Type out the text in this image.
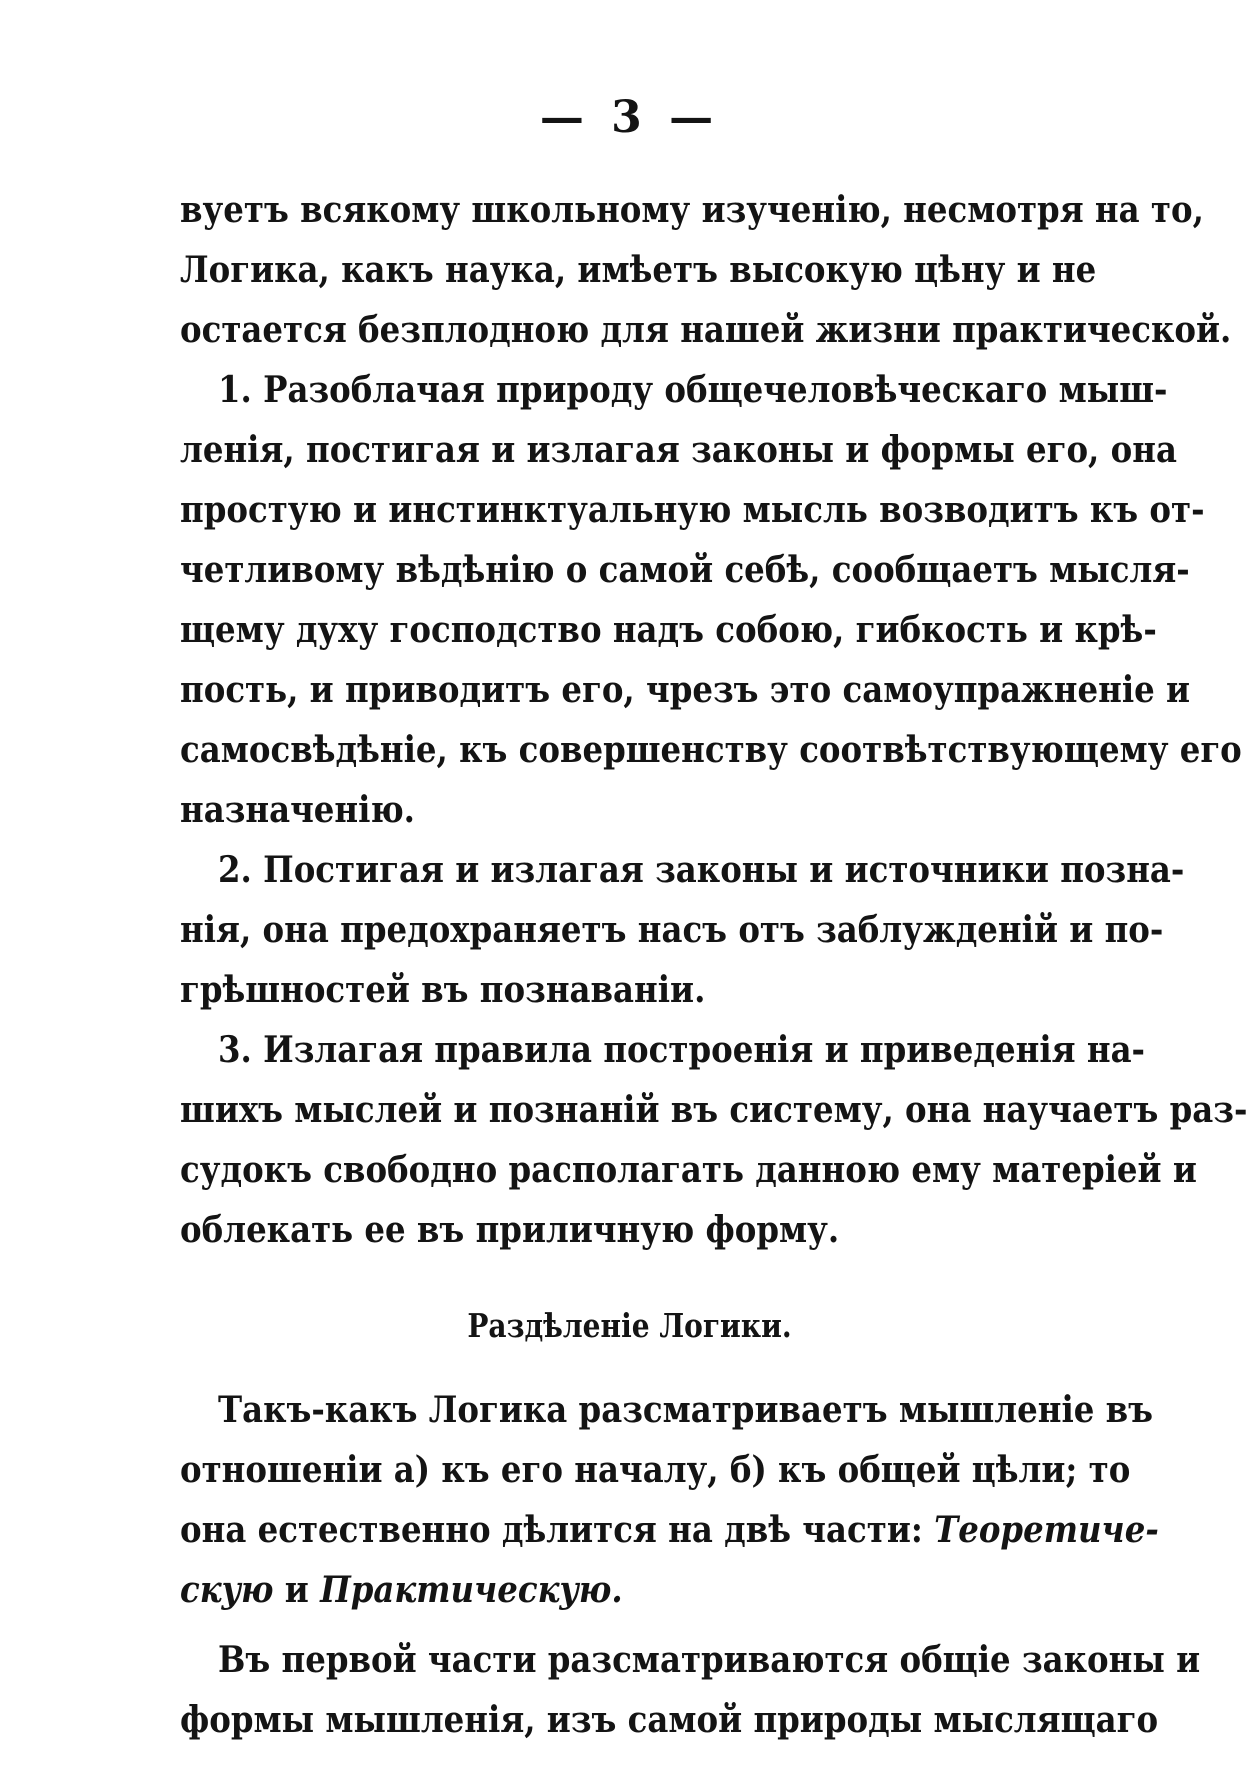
— 3 —
вуетъ всякому школьному изученію, несмотря на то,
Логика, какъ наука, имѣетъ высокую цѣну и не
остается безплодною для нашей жизни практической.
1. Разоблачая природу общечеловѣческаго мыш-
ленія, постигая и излагая законы и формы его, она
простую и инстинктуальную мысль возводитъ къ от-
четливому вѣдѣнію о самой себѣ, сообщаетъ мысля-
щему духу господство надъ собою, гибкость и крѣ-
пость, и приводитъ его, чрезъ это самоупражненіе и
самосвѣдѣніе, къ совершенству соотвѣтствующему его
назначенію.
2. Постигая и излагая законы и источники позна-
нія, она предохраняетъ насъ отъ заблужденій и по-
грѣшностей въ познаваніи.
3. Излагая правила построенія и приведенія на-
шихъ мыслей и познаній въ систему, она научаетъ раз-
судокъ свободно располагать данною ему матеріей и
облекать ее въ приличную форму.
Раздѣленіе Логики.
Такъ-какъ Логика разсматриваетъ мышленіе въ
отношеніи а) къ его началу, б) къ общей цѣли; то
она естественно дѣлится на двѣ части: Теоретиче-
скую и Практическую.
Въ первой части разсматриваются общіе законы и
формы мышленія, изъ самой природы мыслящаго
